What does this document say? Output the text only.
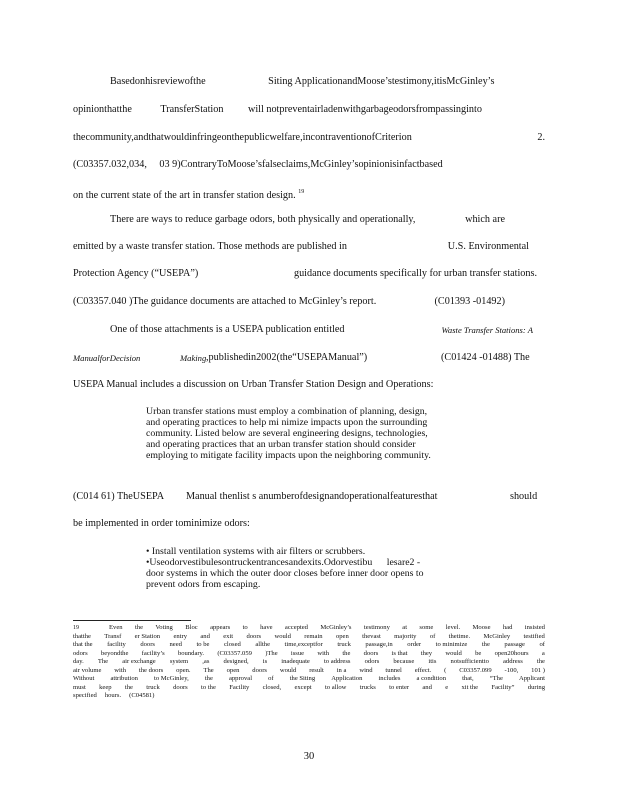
Basedonhisreviewofthe	Siting ApplicationandMoose’stestimony,itisMcGinley’s
opinionthatthe	TransferStation will notpreventairladenwithgarbageodorsfrompassinginto
thecommunity,andthatwouldinfringeonthepublicwelfare,incontraventionofCriterion	2.
(C03357.032,034, 03 9)ContraryToMoose’sfalseclaims,McGinley’sopinionisinfactbased
on the current state of the art in transfer station design. $^{19}$
There are ways to reduce garbage odors, both physically and operationally,	which are
emitted by a waste transfer station. Those methods are published in	U.S. Environmental
Protection Agency (“USEPA”)	guidance documents specifically for urban transfer stations.
(C03357.040 )The guidance documents are attached to McGinley’s report.	(C01393 -01492)
One of those attachments is a USEPA publication entitled	Waste Transfer Stations: A
ManualforDecision	Making ,publishedin2002(the“USEPAManual”)	(C01424 -01488) The
USEPA Manual includes a discussion on Urban Transfer Station Design and Operations:
Urban transfer stations must employ a combination of planning, design,
and operating practices to help mi nimize impacts upon the surrounding
community. Listed below are several engineering designs, technologies,
and operating practices that an urban transfer station should consider
employing to mitigate facility impacts upon the neighboring community.
(C014 61) TheUSEPA Manual thenlist s anumberofdesignandoperationalfeaturesthat	should
be implemented in order tominimize odors:
• Install ventilation systems with air filters or scrubbers.
•Useodorvestibulesontruckentrancesandexits.Odorvestibu lesare2 -
door systems in which the outer door closes before inner door opens to
prevent odors from escaping.
19	Even the Voting Bloc appears to have accepted McGinley’s testimony at some level. Moose had insisted
thatthe Transf er Station entry and exit doors would remain open thevast majority of thetime. McGinley testified
that the facility doors need to be closed allthe time,exceptfor truck passage,in order to minimize the passage of
odors beyondthe facility’s boundary. (C03357.059 )The issue with the doors is that they would be open20hours a
day. The air exchange system ,as designed, is inadequate to address odors because itis notsufficientto address the
air volume with the doors open. The open doors would result in a wind tunnel effect. ( C03357.099 -100, 101 )
Without attribution to McGinley, the approval of the Siting Application includes a condition that, “The Applicant
must keep the truck doors to the Facility closed, except to allow trucks to enter and e xit the Facility” during
specified hours. (C04581)
30
